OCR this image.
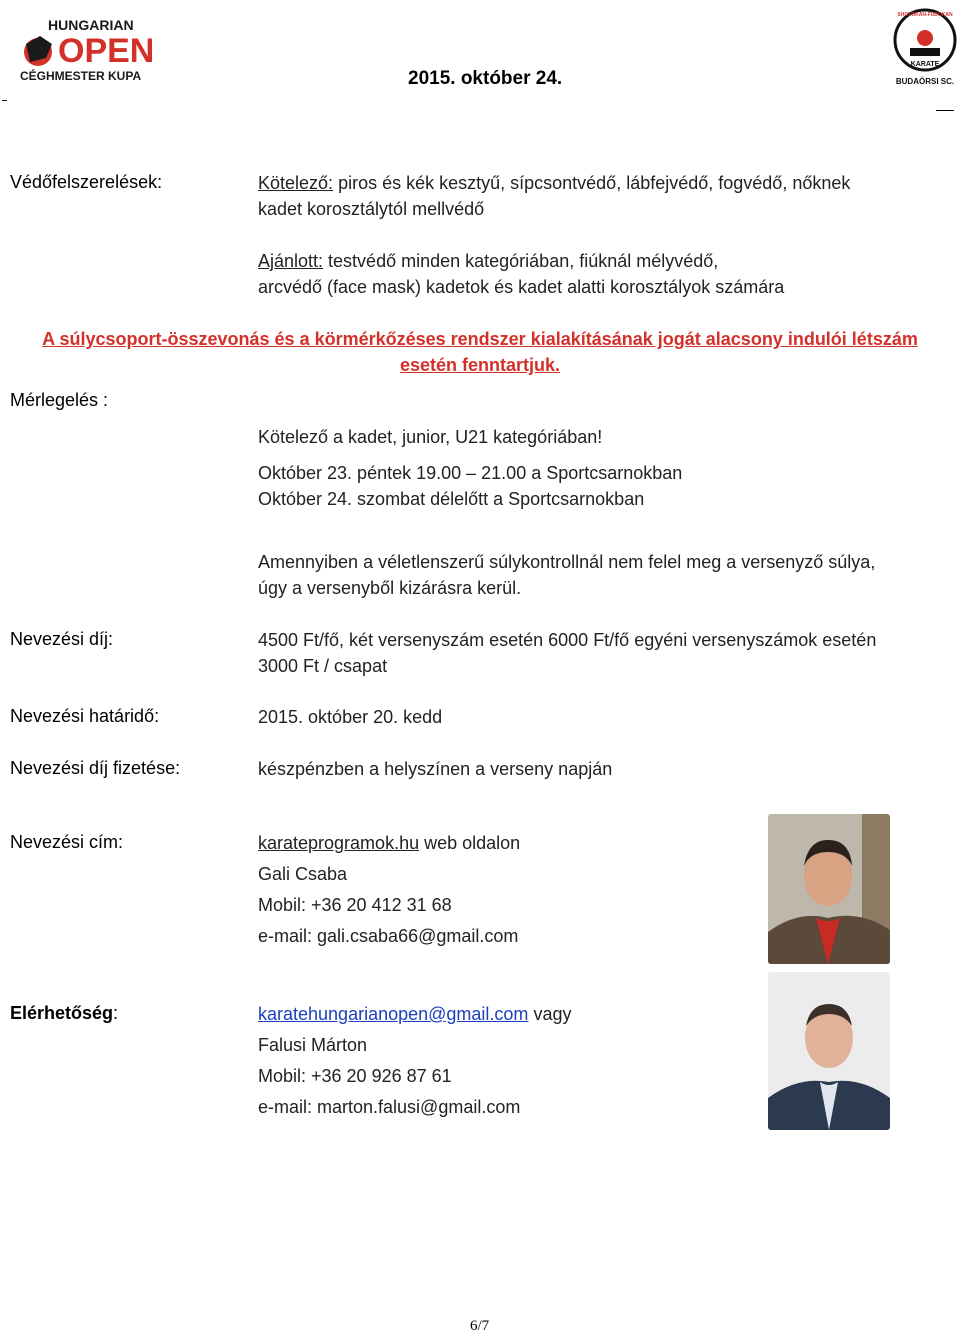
HUNGARIAN
OPEN
CÉGHMESTER KUPA	2015. október 24.
SHOTOKAN-FUDOKAN
KARATE
BUDAÖRSI SC.
Védőfelszerelések:	Kötelező: piros és kék kesztyű, sípcsontvédő, lábfejvédő, fogvédő, nőknek
kadet korosztálytól mellvédő
Ajánlott: testvédő minden kategóriában, fiúknál mélyvédő,
arcvédő (face mask) kadetok és kadet alatti korosztályok számára
A súlycsoport-összevonás és a körmérkőzéses rendszer kialakításának jogát alacsony indulói létszám
esetén fenntartjuk.
Mérlegelés :
Kötelező a kadet, junior, U21 kategóriában!
Október 23. péntek 19.00 – 21.00 a Sportcsarnokban
Október 24. szombat délelőtt a Sportcsarnokban
Amennyiben a véletlenszerű súlykontrollnál nem felel meg a versenyző súlya,
úgy a versenyből kizárásra kerül.
Nevezési díj:	4500 Ft/fő, két versenyszám esetén 6000 Ft/fő egyéni versenyszámok esetén
3000 Ft / csapat
Nevezési határidő:	2015. október 20. kedd
Nevezési díj fizetése:	készpénzben a helyszínen a verseny napján
Nevezési cím:	karateprogramok.hu web oldalon
Gali Csaba
Mobil: +36 20 412 31 68
e-mail: gali.csaba66@gmail.com
Elérhetőség:	karatehungarianopen@gmail.com vagy
Falusi Márton
Mobil: +36 20 926 87 61
e-mail: marton.falusi@gmail.com
6/7
